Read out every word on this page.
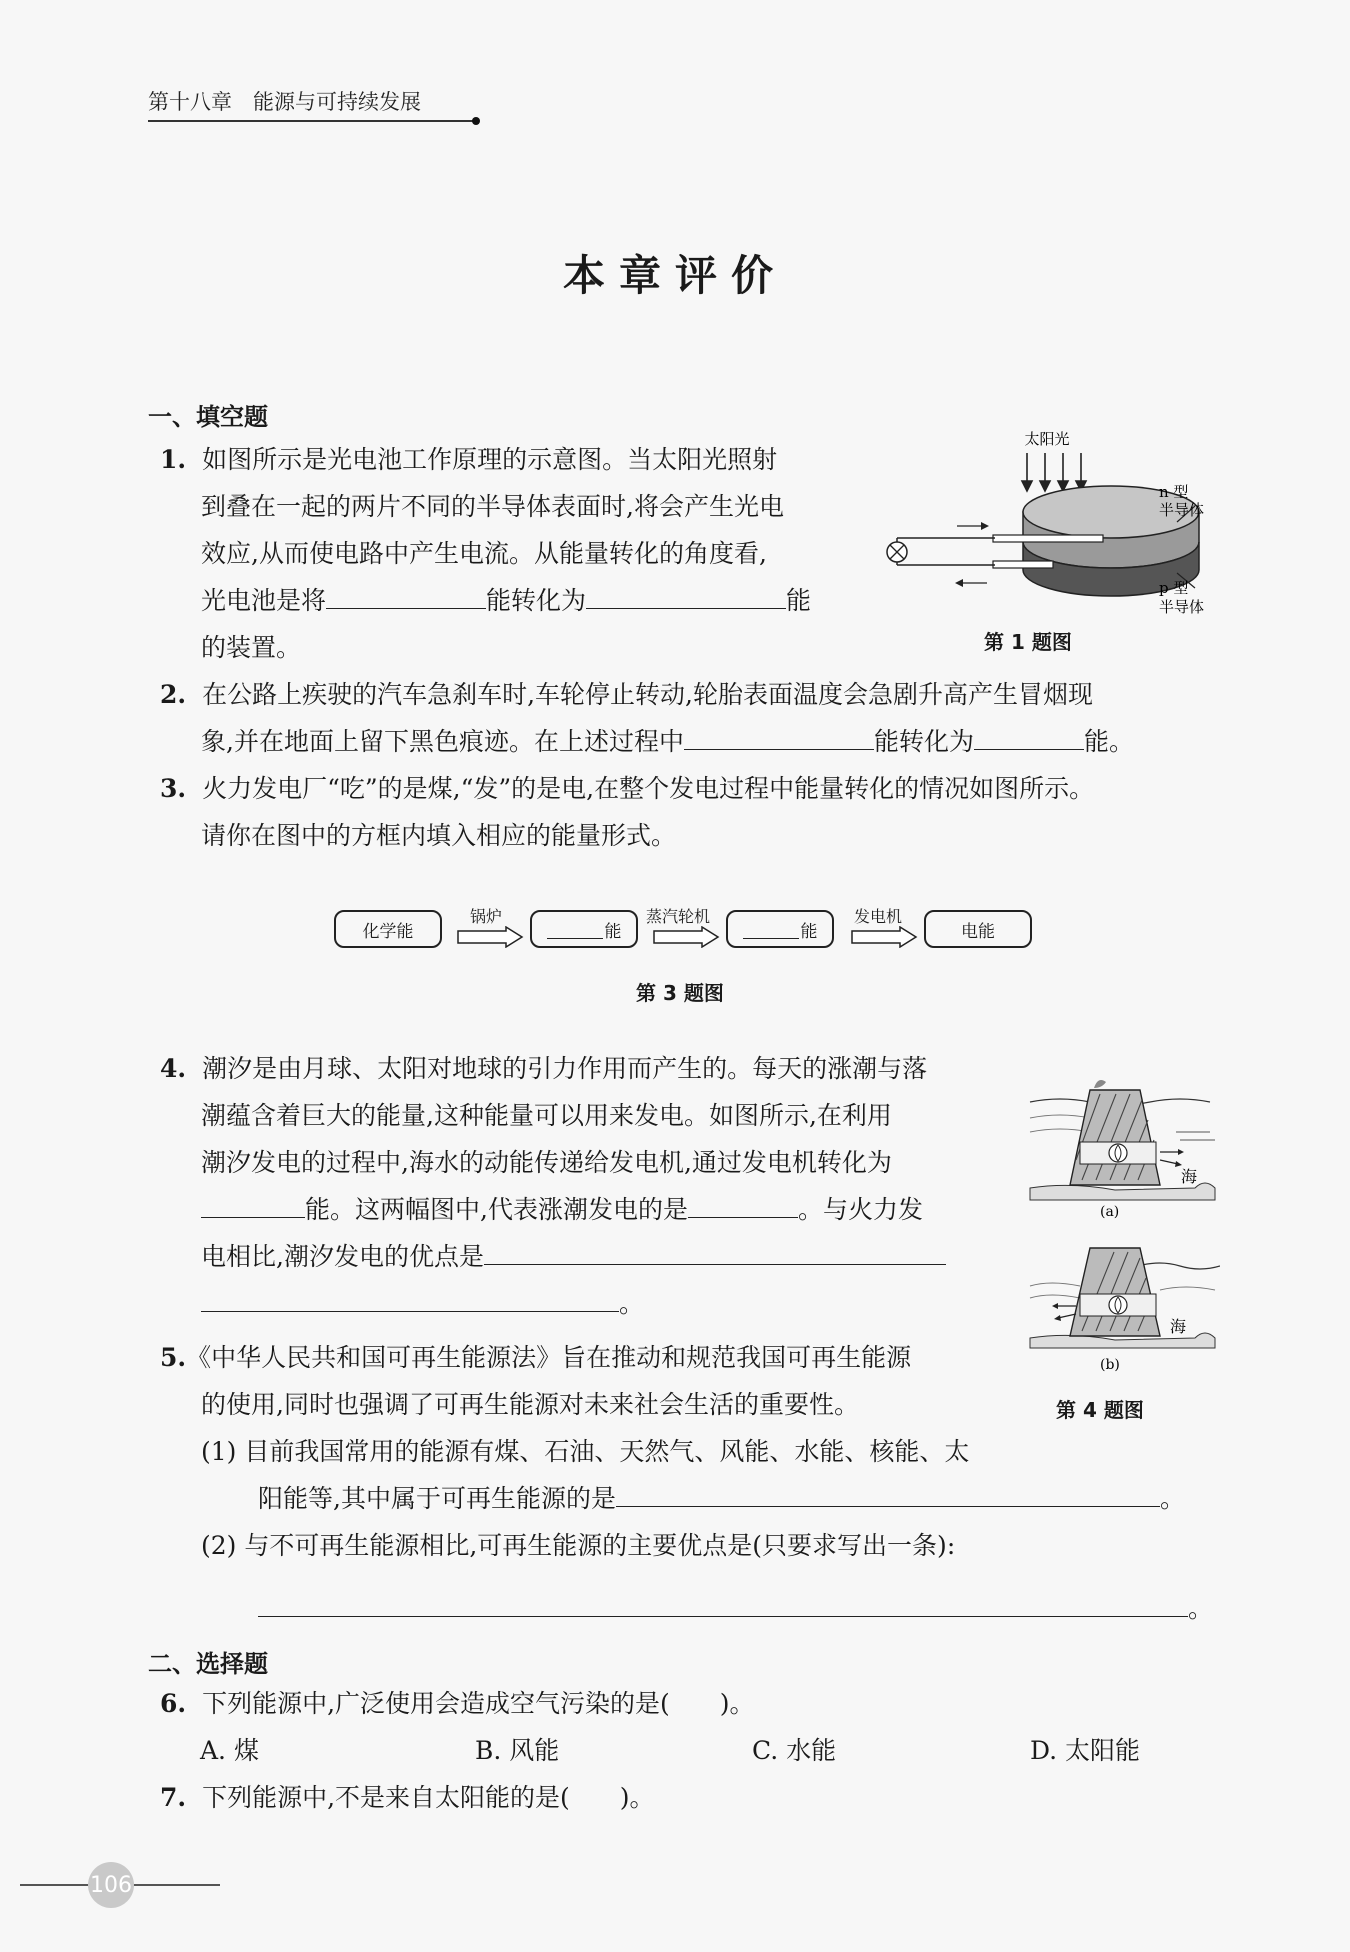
第十八章　能源与可持续发展
本章评价
一、填空题
1. 如图所示是光电池工作原理的示意图。当太阳光照射
到叠在一起的两片不同的半导体表面时,将会产生光电
效应,从而使电路中产生电流。从能量转化的角度看,
光电池是将	能转化为	能
的装置。
太阳光
n 型
半导体
p 型
半导体
第 1 题图
2. 在公路上疾驶的汽车急刹车时,车轮停止转动,轮胎表面温度会急剧升高产生冒烟现
象,并在地面上留下黑色痕迹。在上述过程中	能转化为	能。
3. 火力发电厂“吃”的是煤,“发”的是电,在整个发电过程中能量转化的情况如图所示。
请你在图中的方框内填入相应的能量形式。
化学能
锅炉
能
蒸汽轮机
能
发电机
电能
第 3 题图
4. 潮汐是由月球、太阳对地球的引力作用而产生的。每天的涨潮与落
潮蕴含着巨大的能量,这种能量可以用来发电。如图所示,在利用
潮汐发电的过程中,海水的动能传递给发电机,通过发电机转化为
能。这两幅图中,代表涨潮发电的是	。与火力发
电相比,潮汐发电的优点是
。
海
(a)
海
(b)
第 4 题图
5.《中华人民共和国可再生能源法》旨在推动和规范我国可再生能源
的使用,同时也强调了可再生能源对未来社会生活的重要性。
(1) 目前我国常用的能源有煤、石油、天然气、风能、水能、核能、太
阳能等,其中属于可再生能源的是	。
(2) 与不可再生能源相比,可再生能源的主要优点是(只要求写出一条):
。
二、选择题
6. 下列能源中,广泛使用会造成空气污染的是(　　)。
A. 煤	B. 风能	C. 水能	D. 太阳能
7. 下列能源中,不是来自太阳能的是(　　)。
106
